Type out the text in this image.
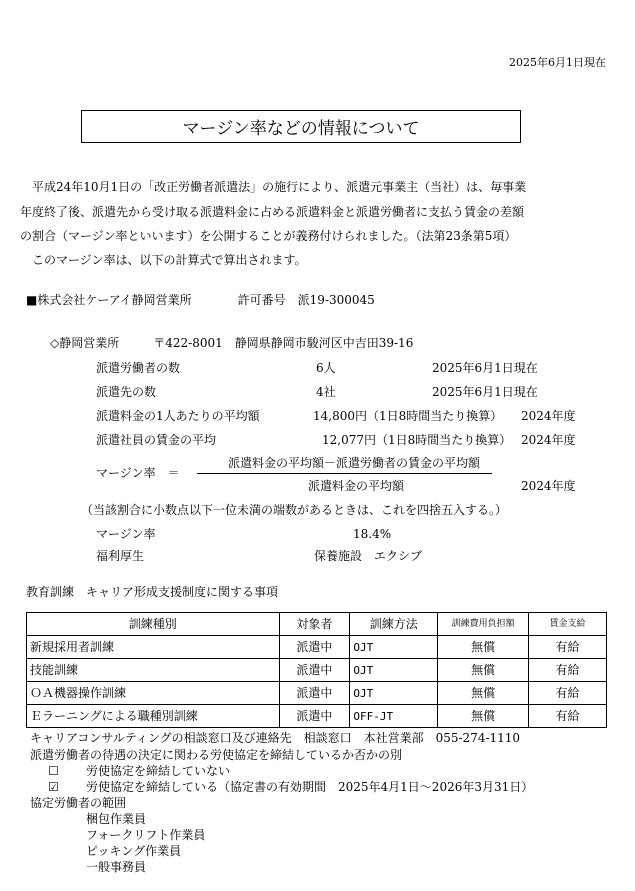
2025年6月1日現在
マージン率などの情報について
　平成24年10月1日の「改正労働者派遣法」の施行により、派遣元事業主（当社）は、毎事業
年度終了後、派遣先から受け取る派遣料金に占める派遣料金と派遣労働者に支払う賃金の差額
の割合（マージン率といいます）を公開することが義務付けられました。（法第23条第5項）
　このマージン率は、以下の計算式で算出されます。
■株式会社ケーアイ静岡営業所	許可番号　派19-300045
◇静岡営業所	〒422-8001 静岡県静岡市駿河区中吉田39-16
派遣労働者の数	6人	2025年6月1日現在
派遣先の数	4社	2025年6月1日現在
派遣料金の1人あたりの平均額	14,800円（1日8時間当たり換算） 2024年度
派遣社員の賃金の平均	12,077円（1日8時間当たり換算） 2024年度
マージン率　＝
派遣料金の平均額－派遣労働者の賃金の平均額
派遣料金の平均額	2024年度
（当該割合に小数点以下一位未満の端数があるときは、これを四捨五入する。）
マージン率	18.4%
福利厚生	保養施設　エクシブ
教育訓練　キャリア形成支援制度に関する事項
訓練種別	対象者	訓練方法	訓練費用負担額	賃金支給
新規採用者訓練	派遣中	OJT	無償	有給
技能訓練	派遣中	OJT	無償	有給
ＯＡ機器操作訓練	派遣中	OJT	無償	有給
Ｅラーニングによる職種別訓練	派遣中	OFF-JT	無償	有給
キャリアコンサルティングの相談窓口及び連絡先　相談窓口　本社営業部　055-274-1110
派遣労働者の待遇の決定に関わる労使協定を締結しているか否かの別
☐ 労使協定を締結していない
☑ 労使協定を締結している（協定書の有効期間　2025年4月1日～2026年3月31日）
協定労働者の範囲
梱包作業員
フォークリフト作業員
ピッキング作業員
一般事務員
